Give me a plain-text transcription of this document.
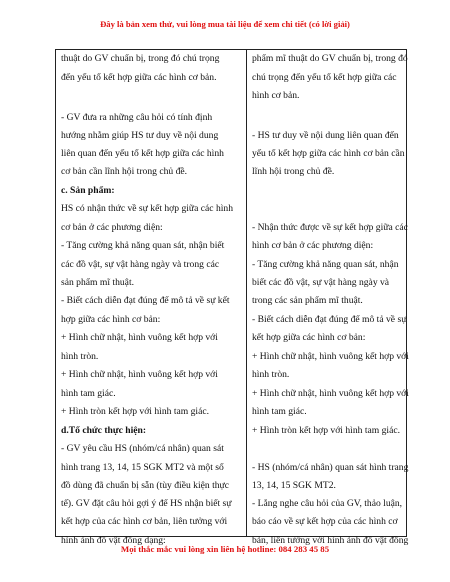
Đây là bản xem thử, vui lòng mua tài liệu để xem chi tiết (có lời giải)
thuật do GV chuẩn bị, trong đó chú trọng
đến yếu tố kết hợp giữa các hình cơ bản.
- GV đưa ra những câu hỏi có tính định
hướng nhằm giúp HS tư duy về nội dung
liên quan đến yếu tố kết hợp giữa các hình
cơ bản cần lĩnh hội trong chủ đề.
c. Sản phẩm:
HS có nhận thức về sự kết hợp giữa các hình
cơ bản ở các phương diện:
- Tăng cường khả năng quan sát, nhận biết
các đồ vật, sự vật hàng ngày và trong các
sản phẩm mĩ thuật.
- Biết cách diễn đạt đúng để mô tả về sự kết
hợp giữa các hình cơ bản:
+ Hình chữ nhật, hình vuông kết hợp với
hình tròn.
+ Hình chữ nhật, hình vuông kết hợp với
hình tam giác.
+ Hình tròn kết hợp với hình tam giác.
d.Tổ chức thực hiện:
- GV yêu cầu HS (nhóm/cá nhân) quan sát
hình trang 13, 14, 15 SGK MT2 và một số
đồ dùng đã chuẩn bị sẵn (tùy điều kiện thực
tế). GV đặt câu hỏi gợi ý để HS nhận biết sự
kết hợp của các hình cơ bản, liên tưởng với
hình ảnh đồ vật đồng dạng:
phẩm mĩ thuật do GV chuẩn bị, trong đó
chú trọng đến yếu tố kết hợp giữa các
hình cơ bản.
- HS tư duy về nội dung liên quan đến
yếu tố kết hợp giữa các hình cơ bản cần
lĩnh hội trong chủ đề.
- Nhận thức được về sự kết hợp giữa các
hình cơ bản ở các phương diện:
- Tăng cường khả năng quan sát, nhận
biết các đồ vật, sự vật hàng ngày và
trong các sản phẩm mĩ thuật.
- Biết cách diễn đạt đúng để mô tả về sự
kết hợp giữa các hình cơ bản:
+ Hình chữ nhật, hình vuông kết hợp với
hình tròn.
+ Hình chữ nhật, hình vuông kết hợp với
hình tam giác.
+ Hình tròn kết hợp với hình tam giác.
- HS (nhóm/cá nhân) quan sát hình trang
13, 14, 15 SGK MT2.
- Lắng nghe câu hỏi của GV, thảo luận,
báo cáo về sự kết hợp của các hình cơ
bản, liên tưởng với hình ảnh đồ vật đồng
Mọi thắc mắc vui lòng xin liên hệ hotline: 084 283 45 85
